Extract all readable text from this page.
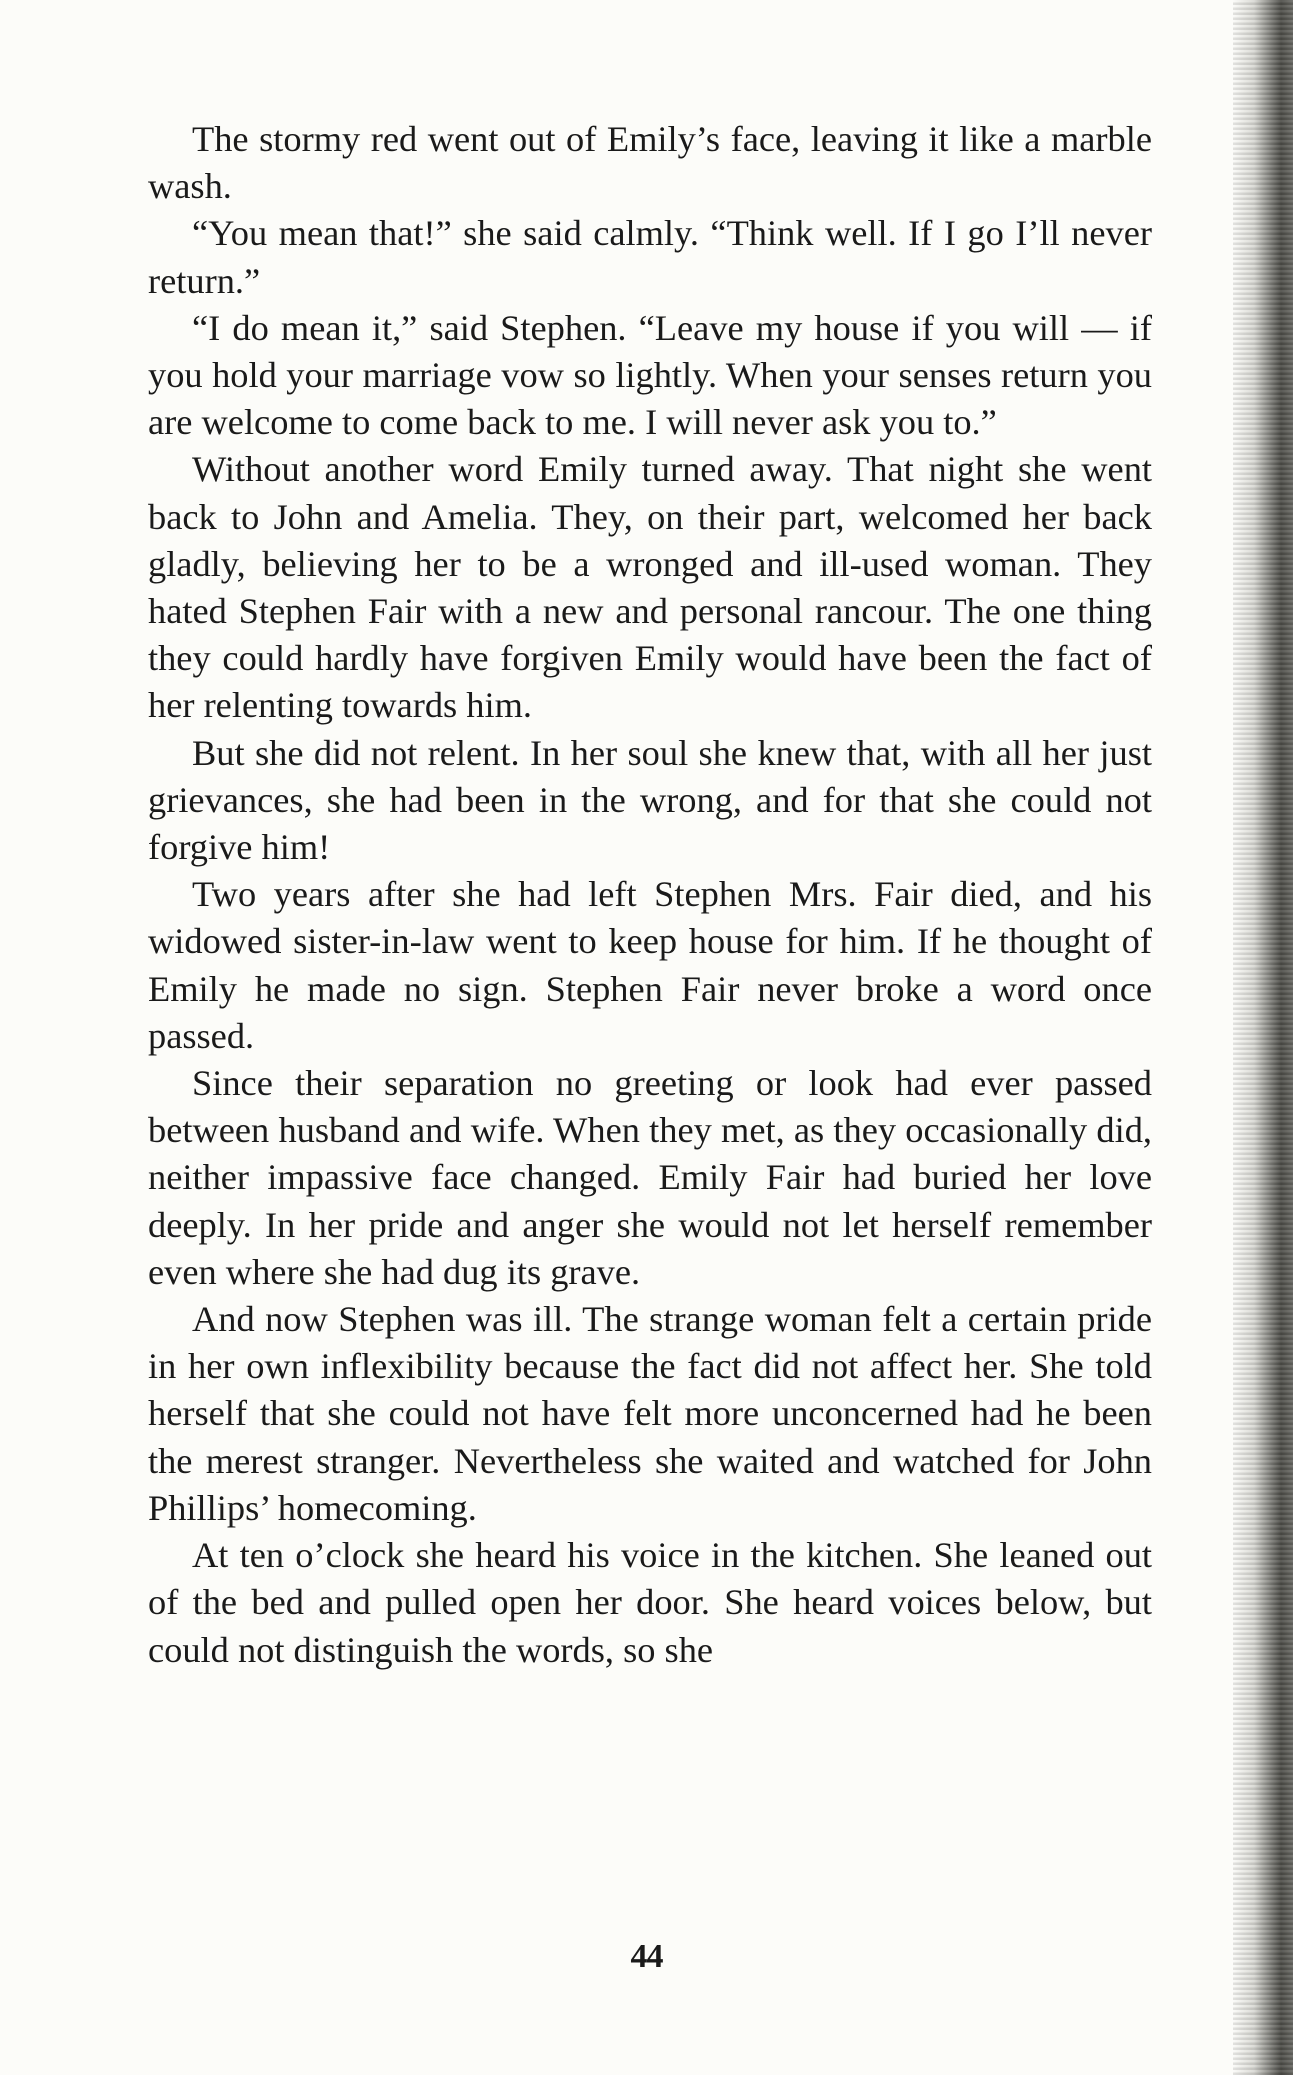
The stormy red went out of Emily’s face, leaving it like a marble wash.

“You mean that!” she said calmly. “Think well. If I go I’ll never return.”

“I do mean it,” said Stephen. “Leave my house if you will — if you hold your marriage vow so lightly. When your senses return you are welcome to come back to me. I will never ask you to.”

Without another word Emily turned away. That night she went back to John and Amelia. They, on their part, welcomed her back gladly, believing her to be a wronged and ill-used woman. They hated Stephen Fair with a new and personal rancour. The one thing they could hardly have forgiven Emily would have been the fact of her relenting towards him.

But she did not relent. In her soul she knew that, with all her just grievances, she had been in the wrong, and for that she could not forgive him!

Two years after she had left Stephen Mrs. Fair died, and his widowed sister-in-law went to keep house for him. If he thought of Emily he made no sign. Stephen Fair never broke a word once passed.

Since their separation no greeting or look had ever passed between husband and wife. When they met, as they occasionally did, neither impassive face changed. Emily Fair had buried her love deeply. In her pride and anger she would not let herself remember even where she had dug its grave.

And now Stephen was ill. The strange woman felt a certain pride in her own inflexibility because the fact did not affect her. She told herself that she could not have felt more unconcerned had he been the merest stranger. Nevertheless she waited and watched for John Phillips’ homecoming.

At ten o’clock she heard his voice in the kitchen. She leaned out of the bed and pulled open her door. She heard voices below, but could not distinguish the words, so she

44
